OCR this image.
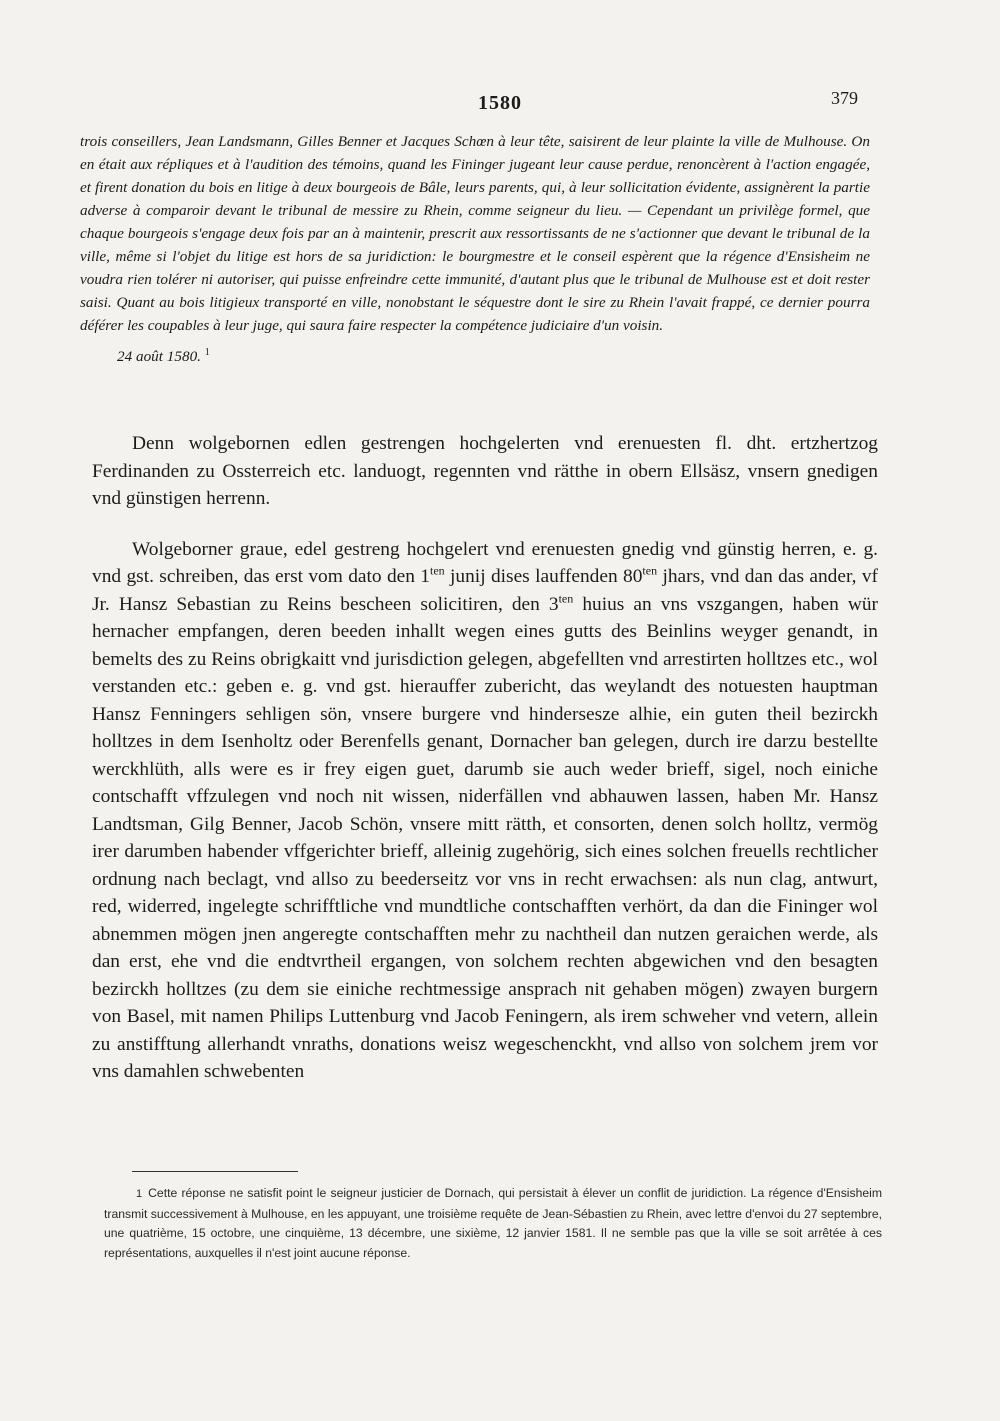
1580	379
trois conseillers, Jean Landsmann, Gilles Benner et Jacques Schœn à leur tête, saisirent de leur plainte la ville de Mulhouse. On en était aux répliques et à l'audition des témoins, quand les Fininger jugeant leur cause perdue, renoncèrent à l'action engagée, et firent donation du bois en litige à deux bourgeois de Bâle, leurs parents, qui, à leur sollicitation évidente, assignèrent la partie adverse à comparoir devant le tribunal de messire zu Rhein, comme seigneur du lieu. — Cependant un privilège formel, que chaque bourgeois s'engage deux fois par an à maintenir, prescrit aux ressortissants de ne s'actionner que devant le tribunal de la ville, même si l'objet du litige est hors de sa juridiction: le bourgmestre et le conseil espèrent que la régence d'Ensisheim ne voudra rien tolérer ni autoriser, qui puisse enfreindre cette immunité, d'autant plus que le tribunal de Mulhouse est et doit rester saisi. Quant au bois litigieux transporté en ville, nonobstant le séquestre dont le sire zu Rhein l'avait frappé, ce dernier pourra déférer les coupables à leur juge, qui saura faire respecter la compétence judiciaire d'un voisin.
24 août 1580. $^1$

Denn wolgebornen edlen gestrengen hochgelerten vnd erenuesten fl. dht. ertzhertzog Ferdinanden zu Ossterreich etc. landuogt, regennten vnd rätthe in obern Ellsäsz, vnsern gnedigen vnd günstigen herrenn.

Wolgeborner graue, edel gestreng hochgelert vnd erenuesten gnedig vnd günstig herren, e. g. vnd gst. schreiben, das erst vom dato den $1^{ten}$ junij dises lauffenden $80^{ten}$ jhars, vnd dan das ander, vf Jr. Hansz Sebastian zu Reins bescheen solicitiren, den $3^{ten}$ huius an vns vszgangen, haben wür hernacher empfangen, deren beeden inhallt wegen eines gutts des Beinlins weyger genandt, in bemelts des zu Reins obrigkaitt vnd jurisdiction gelegen, abgefellten vnd arrestirten holltzes etc., wol verstanden etc.: geben e. g. vnd gst. hierauffer zubericht, das weylandt des notuesten hauptman Hansz Fenningers sehligen sön, vnsere burgere vnd hindersesze alhie, ein guten theil bezirckh holltzes in dem Isenholtz oder Berenfells genant, Dornacher ban gelegen, durch ire darzu bestellte werckhlüth, alls were es ir frey eigen guet, darumb sie auch weder brieff, sigel, noch einiche contschafft vffzulegen vnd noch nit wissen, niderfällen vnd abhauwen lassen, haben Mr. Hansz Landtsman, Gilg Benner, Jacob Schön, vnsere mitt rätth, et consorten, denen solch holltz, vermög irer darumben habender vffgerichter brieff, alleinig zugehörig, sich eines solchen freuells rechtlicher ordnung nach beclagt, vnd allso zu beederseitz vor vns in recht erwachsen: als nun clag, antwurt, red, widerred, ingelegte schrifftliche vnd mundtliche contschafften verhört, da dan die Fininger wol abnemmen mögen jnen angeregte contschafften mehr zu nachtheil dan nutzen geraichen werde, als dan erst, ehe vnd die endtvrtheil ergangen, von solchem rechten abgewichen vnd den besagten bezirckh holltzes (zu dem sie einiche rechtmessige ansprach nit gehaben mögen) zwayen burgern von Basel, mit namen Philips Luttenburg vnd Jacob Feningern, als irem schweher vnd vetern, allein zu anstifftung allerhandt vnraths, donations weisz wegeschenckht, vnd allso von solchem jrem vor vns damahlen schwebenten

1 Cette réponse ne satisfit point le seigneur justicier de Dornach, qui persistait à élever un conflit de juridiction. La régence d'Ensisheim transmit successivement à Mulhouse, en les appuyant, une troisième requête de Jean-Sébastien zu Rhein, avec lettre d'envoi du 27 septembre, une quatrième, 15 octobre, une cinquième, 13 décembre, une sixième, 12 janvier 1581. Il ne semble pas que la ville se soit arrêtée à ces représentations, auxquelles il n'est joint aucune réponse.
